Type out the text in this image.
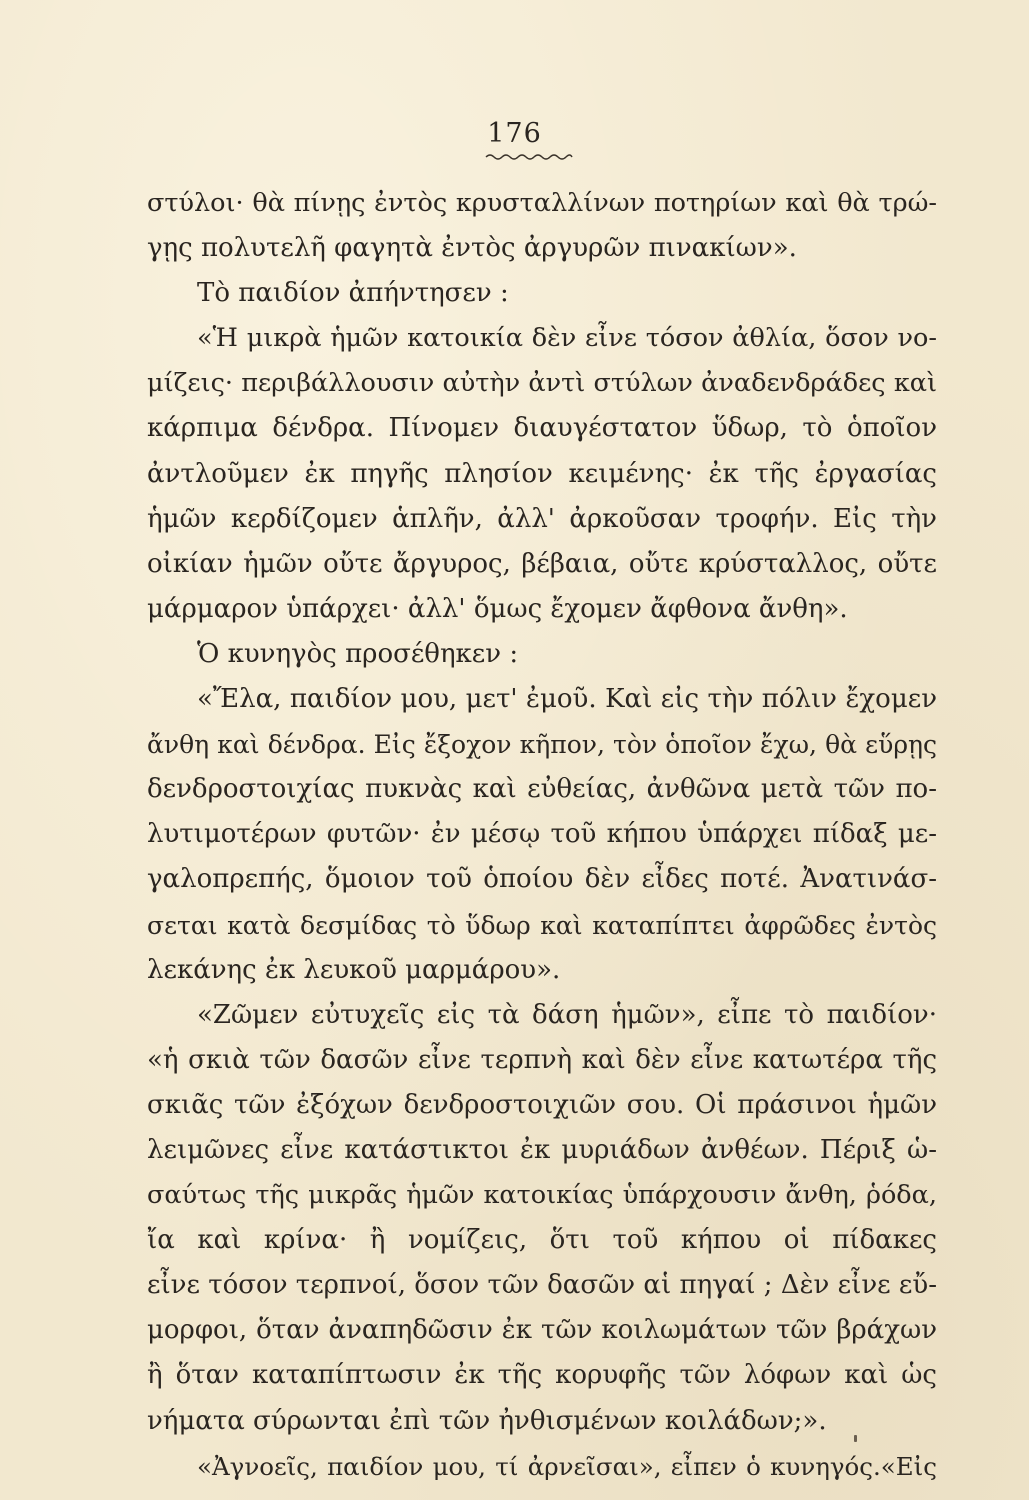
176
στύλοι· θὰ πίνῃς ἐντὸς κρυσταλλίνων ποτηρίων καὶ θὰ τρώ-
γῃς πολυτελῆ φαγητὰ ἐντὸς ἀργυρῶν πινακίων».
Τὸ παιδίον ἀπήντησεν :
«Ἡ μικρὰ ἡμῶν κατοικία δὲν εἶνε τόσον ἀθλία, ὅσον νο-
μίζεις· περιβάλλουσιν αὐτὴν ἀντὶ στύλων ἀναδενδράδες καὶ
κάρπιμα δένδρα. Πίνομεν διαυγέστατον ὕδωρ, τὸ ὁποῖον
ἀντλοῦμεν ἐκ πηγῆς πλησίον κειμένης· ἐκ τῆς ἐργασίας
ἡμῶν κερδίζομεν ἁπλῆν, ἀλλ' ἀρκοῦσαν τροφήν. Εἰς τὴν
οἰκίαν ἡμῶν οὔτε ἄργυρος, βέβαια, οὔτε κρύσταλλος, οὔτε
μάρμαρον ὑπάρχει· ἀλλ' ὅμως ἔχομεν ἄφθονα ἄνθη».
Ὁ κυνηγὸς προσέθηκεν :
«Ἔλα, παιδίον μου, μετ' ἐμοῦ. Καὶ εἰς τὴν πόλιν ἔχομεν
ἄνθη καὶ δένδρα. Εἰς ἔξοχον κῆπον, τὸν ὁποῖον ἔχω, θὰ εὕρῃς
δενδροστοιχίας πυκνὰς καὶ εὐθείας, ἀνθῶνα μετὰ τῶν πο-
λυτιμοτέρων φυτῶν· ἐν μέσῳ τοῦ κήπου ὑπάρχει πίδαξ με-
γαλοπρεπής, ὅμοιον τοῦ ὁποίου δὲν εἶδες ποτέ. Ἀνατινάσ-
σεται κατὰ δεσμίδας τὸ ὕδωρ καὶ καταπίπτει ἀφρῶδες ἐντὸς
λεκάνης ἐκ λευκοῦ μαρμάρου».
«Ζῶμεν εὐτυχεῖς εἰς τὰ δάση ἡμῶν», εἶπε τὸ παιδίον·
«ἡ σκιὰ τῶν δασῶν εἶνε τερπνὴ καὶ δὲν εἶνε κατωτέρα τῆς
σκιᾶς τῶν ἐξόχων δενδροστοιχιῶν σου. Οἱ πράσινοι ἡμῶν
λειμῶνες εἶνε κατάστικτοι ἐκ μυριάδων ἀνθέων. Πέριξ ὡ-
σαύτως τῆς μικρᾶς ἡμῶν κατοικίας ὑπάρχουσιν ἄνθη, ῥόδα,
ἴα καὶ κρίνα· ἢ νομίζεις, ὅτι τοῦ κήπου οἱ πίδακες
εἶνε τόσον τερπνοί, ὅσον τῶν δασῶν αἱ πηγαί ; Δὲν εἶνε εὔ-
μορφοι, ὅταν ἀναπηδῶσιν ἐκ τῶν κοιλωμάτων τῶν βράχων
ἢ ὅταν καταπίπτωσιν ἐκ τῆς κορυφῆς τῶν λόφων καὶ ὡς
νήματα σύρωνται ἐπὶ τῶν ἠνθισμένων κοιλάδων;».
«Ἀγνοεῖς, παιδίον μου, τί ἀρνεῖσαι», εἶπεν ὁ κυνηγός.«Εἰς
